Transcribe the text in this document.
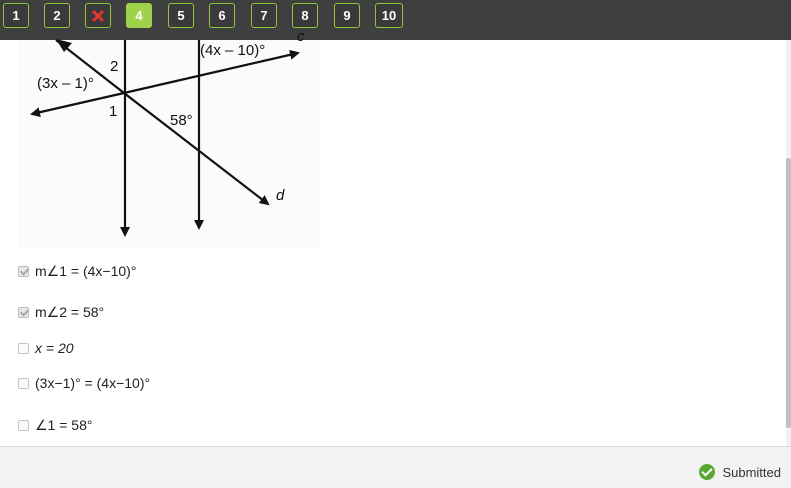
1	2	4	5	6	7	8	9	10
2
1
(3x – 1)°
(4x – 10)°
58°
d
c
m∠1 = (4x−10)°
m∠2 = 58°
x = 20
(3x−1)° = (4x−10)°
∠1 = 58°
Submitted
